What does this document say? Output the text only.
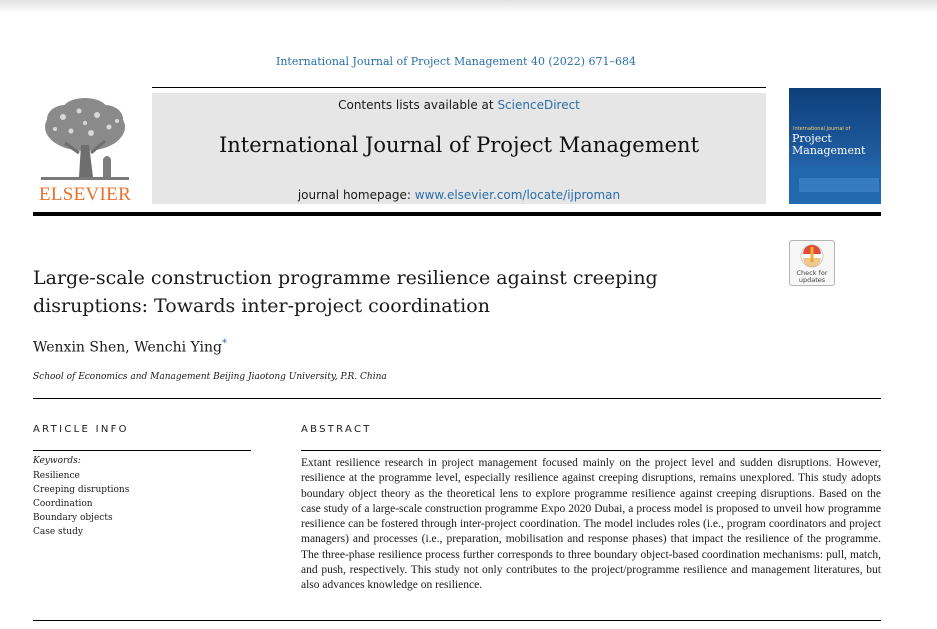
International Journal of Project Management 40 (2022) 671–684
ELSEVIER
Contents lists available at ScienceDirect
International Journal of Project Management
journal homepage: www.elsevier.com/locate/ijproman
International Journal of
Project Management
Check for
updates
Large-scale construction programme resilience against creeping disruptions: Towards inter-project coordination
Wenxin Shen, Wenchi Ying*
School of Economics and Management Beijing Jiaotong University, P.R. China
ARTICLE INFO	ABSTRACT
Keywords:
Resilience
Creeping disruptions
Coordination
Boundary objects
Case study
Extant resilience research in project management focused mainly on the project level and sudden disruptions. However, resilience at the programme level, especially resilience against creeping disruptions, remains unexplored. This study adopts boundary object theory as the theoretical lens to explore programme resilience against creeping disruptions. Based on the case study of a large-scale construction programme Expo 2020 Dubai, a process model is proposed to unveil how programme resilience can be fostered through inter-project coordination. The model includes roles (i.e., program coordinators and project managers) and processes (i.e., preparation, mobilisation and response phases) that impact the resilience of the programme. The three-phase resilience process further corresponds to three boundary object-based coordination mechanisms: pull, match, and push, respectively. This study not only contributes to the project/programme resilience and management literatures, but also advances knowledge on resilience.
